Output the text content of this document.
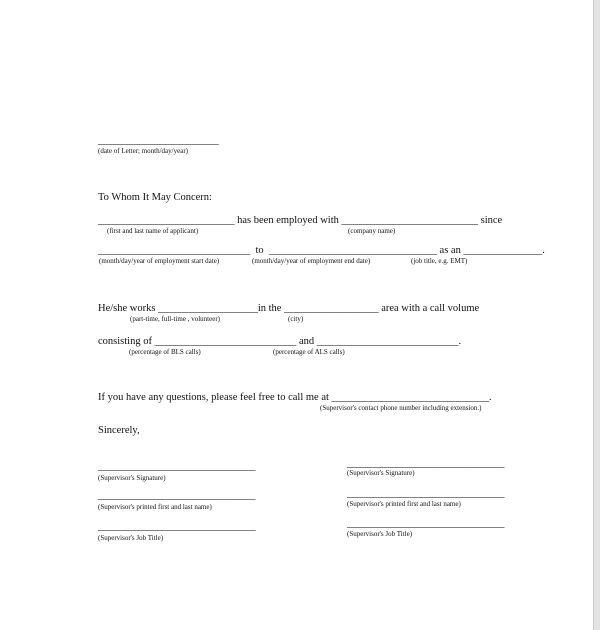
_______________________
(date of Letter; month/day/year)
To Whom It May Concern:
__________________________ has been employed with __________________________ since
(first and last name of applicant)	(company name)
_____________________________  to  ________________________________ as an _______________.
(month/day/year of employment start date)	(month/day/year of employment end date)	(job title, e.g. EMT)
He/she works ___________________in the __________________ area with a call volume
(part-time, full-time , volunteer)	(city)
consisting of ___________________________ and ___________________________.
(percentage of BLS calls)	(percentage of ALS calls)
If you have any questions, please feel free to call me at ______________________________.
(Supervisor's contact phone number including extension.)
Sincerely,
______________________________
(Supervisor's Signature)
______________________________
(Supervisor's printed first and last name)
______________________________
(Supervisor's Job Title)
______________________________
(Supervisor's Signature)
______________________________
(Supervisor's printed first and last name)
______________________________
(Supervisor's Job Title)
